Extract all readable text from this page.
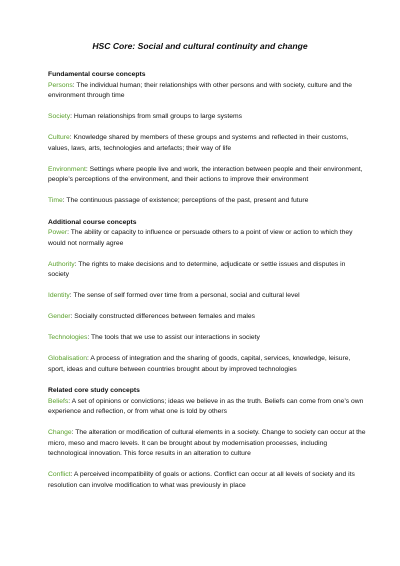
HSC Core: Social and cultural continuity and change

Fundamental course concepts

Persons: The individual human; their relationships with other persons and with society, culture and the environment through time

Society: Human relationships from small groups to large systems

Culture: Knowledge shared by members of these groups and systems and reflected in their customs, values, laws, arts, technologies and artefacts; their way of life

Environment: Settings where people live and work, the interaction between people and their environment, people’s perceptions of the environment, and their actions to improve their environment

Time: The continuous passage of existence; perceptions of the past, present and future

Additional course concepts

Power: The ability or capacity to influence or persuade others to a point of view or action to which they would not normally agree

Authority: The rights to make decisions and to determine, adjudicate or settle issues and disputes in society

Identity: The sense of self formed over time from a personal, social and cultural level

Gender: Socially constructed differences between females and males

Technologies: The tools that we use to assist our interactions in society

Globalisation: A process of integration and the sharing of goods, capital, services, knowledge, leisure, sport, ideas and culture between countries brought about by improved technologies

Related core study concepts

Beliefs: A set of opinions or convictions; ideas we believe in as the truth. Beliefs can come from one’s own experience and reflection, or from what one is told by others

Change: The alteration or modification of cultural elements in a society. Change to society can occur at the micro, meso and macro levels. It can be brought about by modernisation processes, including technological innovation. This force results in an alteration to culture

Conflict: A perceived incompatibility of goals or actions. Conflict can occur at all levels of society and its resolution can involve modification to what was previously in place
